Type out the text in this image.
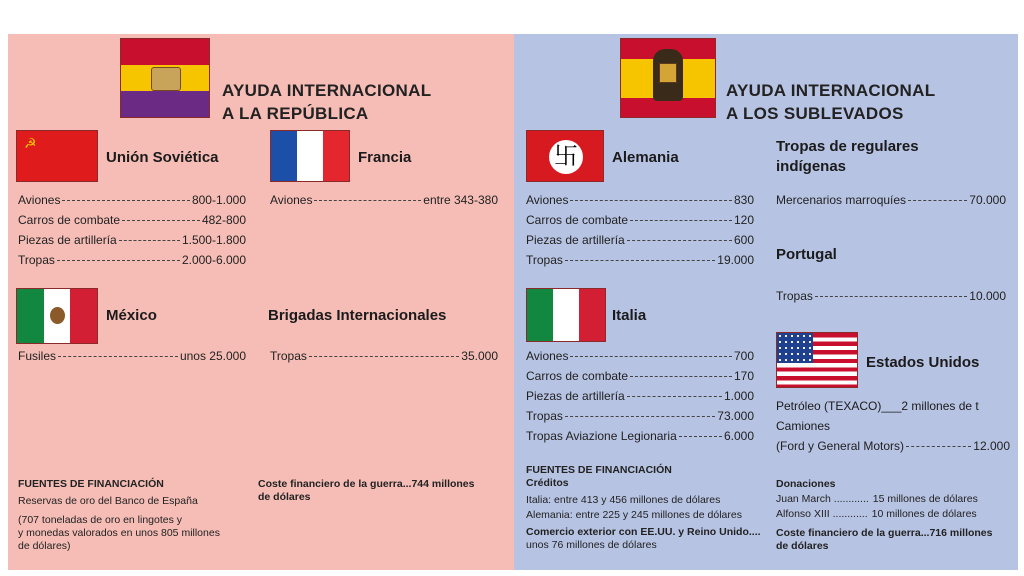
AYUDA INTERNACIONAL
A LA REPÚBLICA
☭
Unión Soviética
Aviones	800-1.000
Carros de combate	482-800
Piezas de artillería	1.500-1.800
Tropas	2.000-6.000
Francia
Aviones	entre 343-380
México
Fusiles	unos 25.000
Brigadas Internacionales
Tropas	35.000
FUENTES DE FINANCIACIÓN
Reservas de oro del Banco de España
(707 toneladas de oro en lingotes y
y monedas valorados en unos 805 millones
de dólares)
Coste financiero de la guerra...744 millones
de dólares
AYUDA INTERNACIONAL
A LOS SUBLEVADOS
卐	Alemania
Aviones	830
Carros de combate	120
Piezas de artillería	600
Tropas	19.000
Tropas de regulares
indígenas
Mercenarios marroquíes	70.000
Portugal
Tropas	10.000
Italia
Aviones	700
Carros de combate	170
Piezas de artillería	1.000
Tropas	73.000
Tropas Aviazione Legionaria	6.000
Estados Unidos
Petróleo (TEXACO)___2 millones de t
Camiones
(Ford y General Motors)	12.000
FUENTES DE FINANCIACIÓN
Créditos
Italia: entre 413 y 456 millones de dólares
Alemania: entre 225 y 245 millones de dólares
Comercio exterior con EE.UU. y Reino Unido....
unos 76 millones de dólares
Donaciones
Juan March ............ 15 millones de dólares
Alfonso XIII ............ 10 millones de dólares
Coste financiero de la guerra...716 millones
de dólares
